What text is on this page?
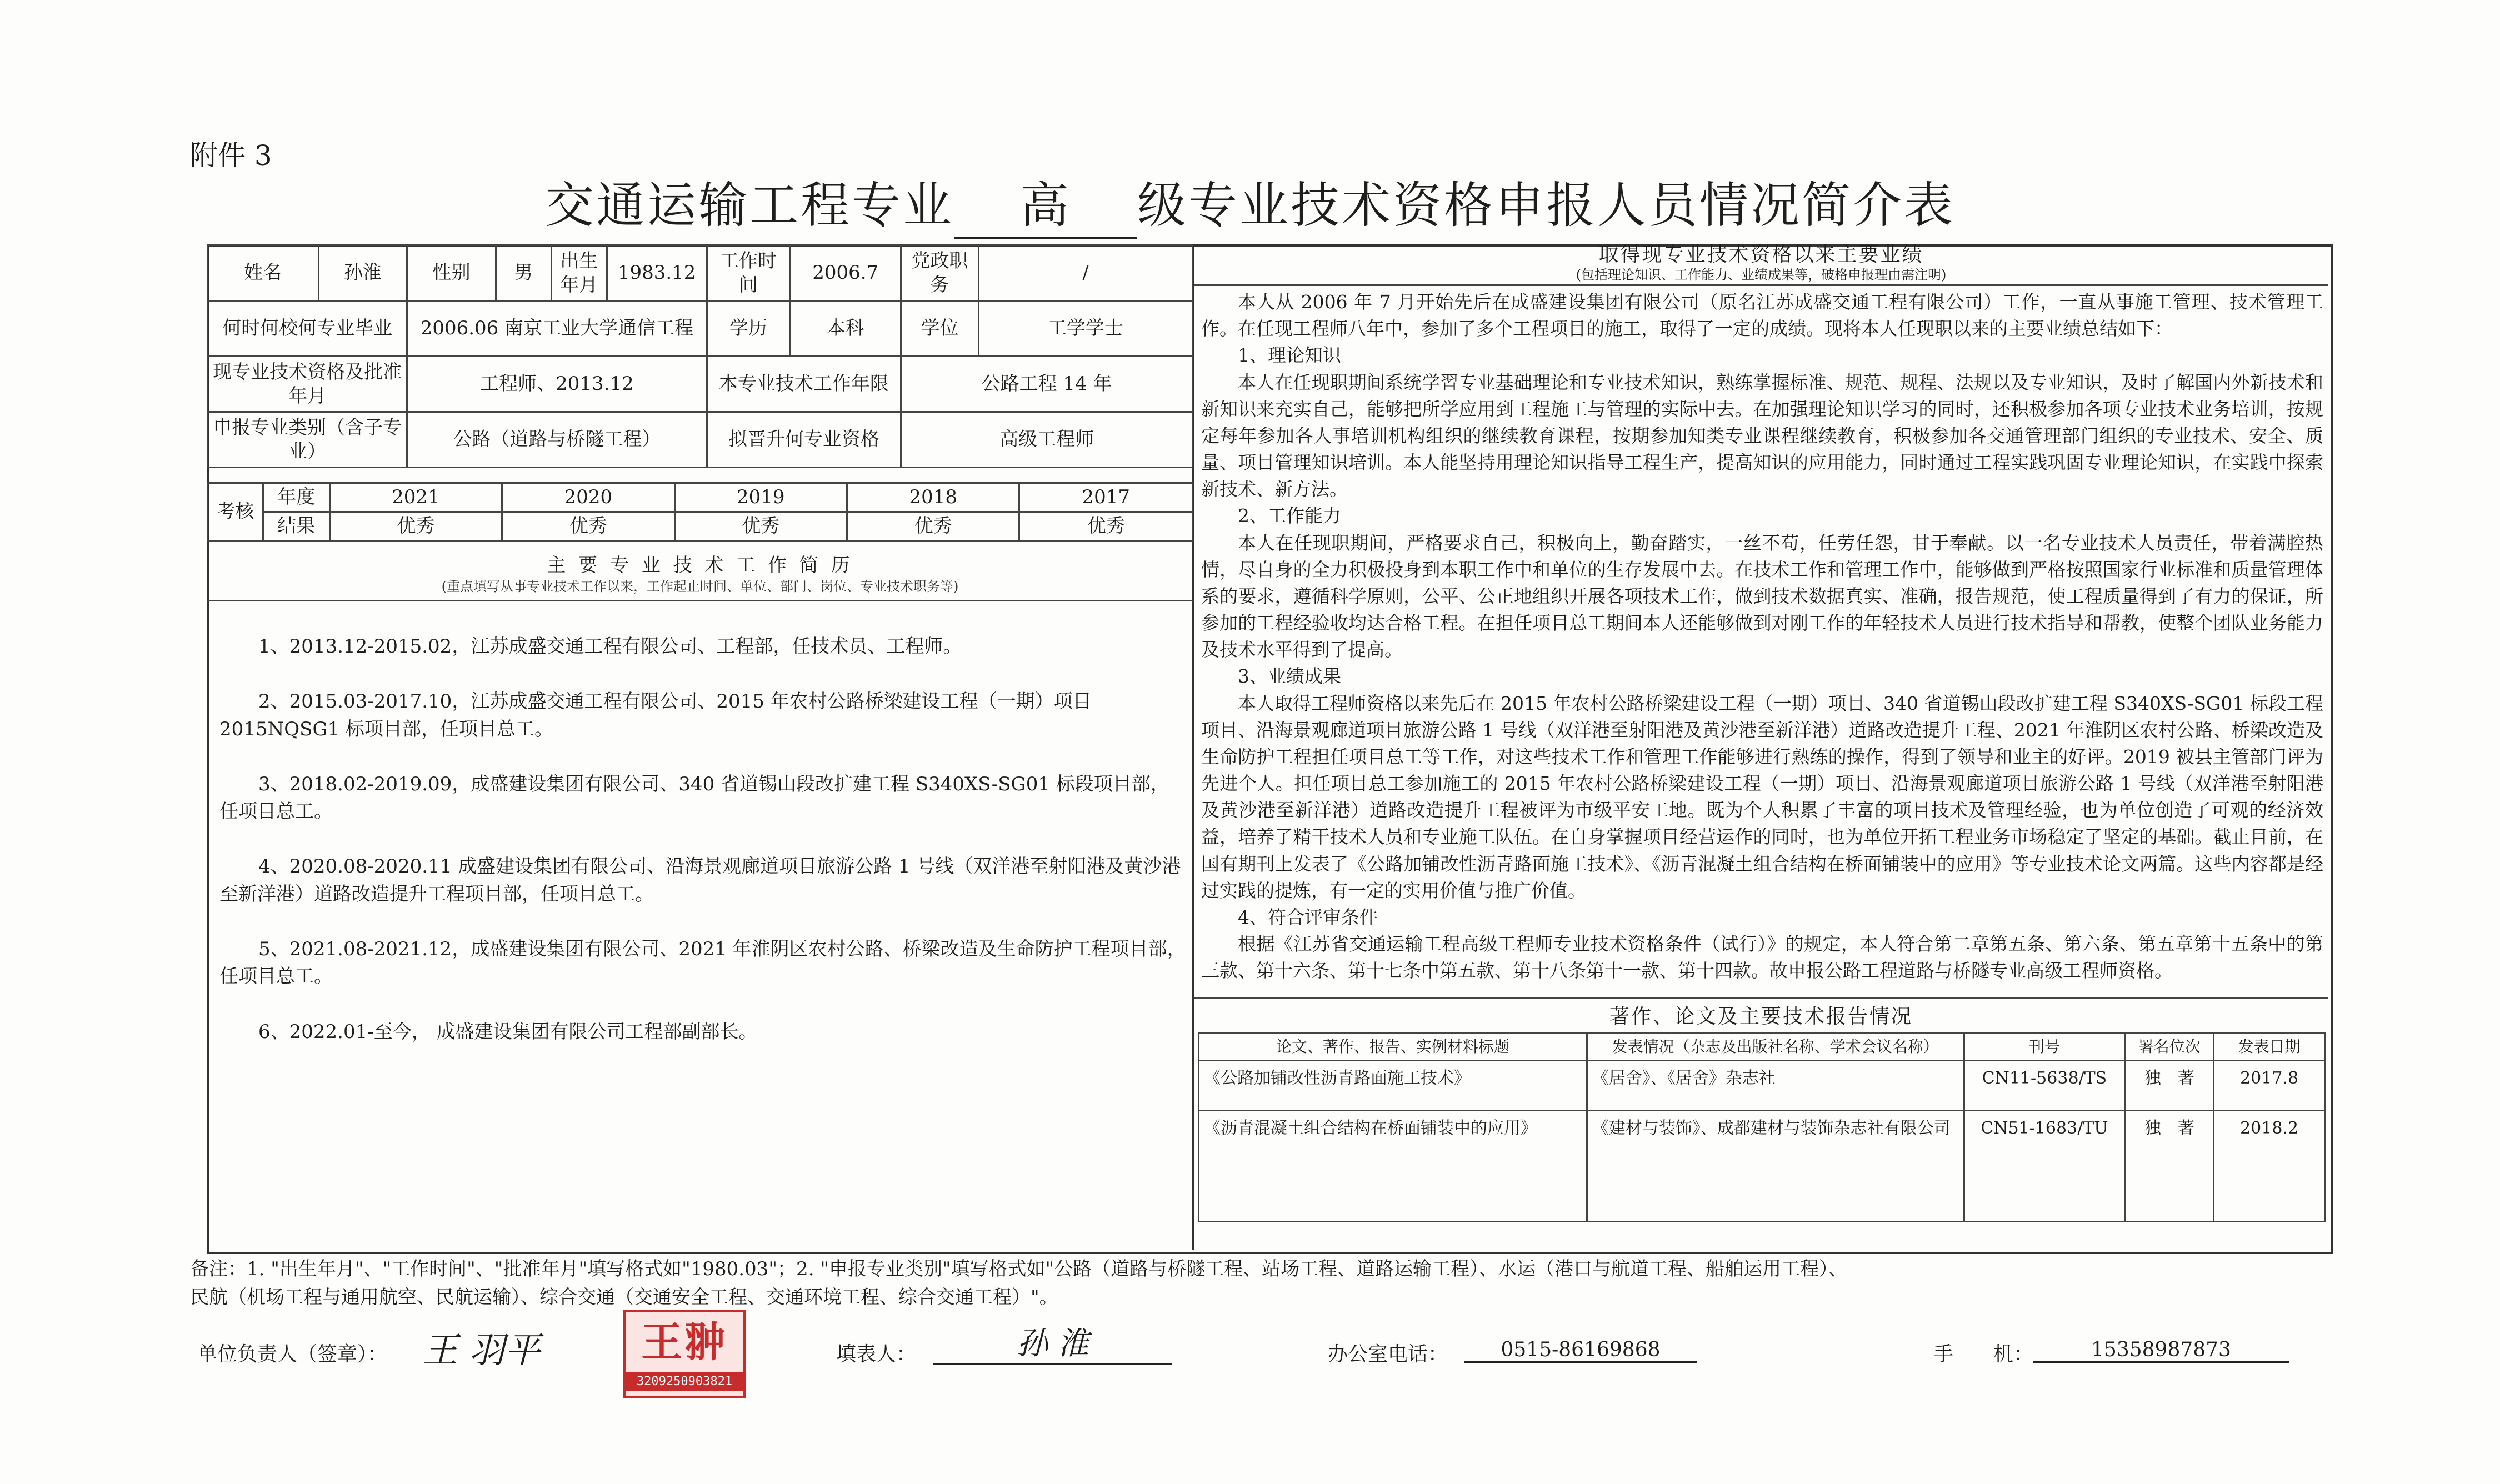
附件 3
交通运输工程专业 高 级专业技术资格申报人员情况简介表
姓名	孙淮	性别	男	出生年月	1983.12	工作时间	2006.7	党政职务	/
何时何校何专业毕业		2006.06 南京工业大学通信工程				学历	本科	学位	工学学士
现专业技术资格及批准年月		工程师、2013.12				本专业技术工作年限		公路工程 14 年	
申报专业类别（含子专业）		公路（道路与桥隧工程）				拟晋升何专业资格		高级工程师	
考核	年度	2021	2020	2019	2018	2017
	结果	优秀	优秀	优秀	优秀	优秀
主 要 专 业 技 术 工 作 简 历
(重点填写从事专业技术工作以来，工作起止时间、单位、部门、岗位、专业技术职务等)

1、2013.12-2015.02，江苏成盛交通工程有限公司、工程部，任技术员、工程师。

2、2015.03-2017.10，江苏成盛交通工程有限公司、2015 年农村公路桥梁建设工程（一期）项目 2015NQSG1 标项目部，任项目总工。

3、2018.02-2019.09，成盛建设集团有限公司、340 省道锡山段改扩建工程 S340XS-SG01 标段项目部，任项目总工。

4、2020.08-2020.11 成盛建设集团有限公司、沿海景观廊道项目旅游公路 1 号线（双洋港至射阳港及黄沙港至新洋港）道路改造提升工程项目部，任项目总工。

5、2021.08-2021.12，成盛建设集团有限公司、2021 年淮阴区农村公路、桥梁改造及生命防护工程项目部，任项目总工。

6、2022.01-至今， 成盛建设集团有限公司工程部副部长。

取得现专业技术资格以来主要业绩
(包括理论知识、工作能力、业绩成果等，破格申报理由需注明)

本人从 2006 年 7 月开始先后在成盛建设集团有限公司（原名江苏成盛交通工程有限公司）工作，一直从事施工管理、技术管理工作。在任现工程师八年中，参加了多个工程项目的施工，取得了一定的成绩。现将本人任现职以来的主要业绩总结如下：

1、理论知识

本人在任现职期间系统学習专业基础理论和专业技术知识，熟练掌握标准、规范、规程、法规以及专业知识，及时了解国内外新技术和新知识来充实自己，能够把所学应用到工程施工与管理的实际中去。在加强理论知识学习的同时，还积极参加各项专业技术业务培训，按规定每年参加各人事培训机构组织的继续教育课程，按期参加知类专业课程继续教育，积极参加各交通管理部门组织的专业技术、安全、质量、项目管理知识培训。本人能坚持用理论知识指导工程生产，提高知识的应用能力，同时通过工程实践巩固专业理论知识，在实践中探索新技术、新方法。

2、工作能力

本人在任现职期间，严格要求自己，积极向上，勤奋踏实，一丝不苟，任劳任怨，甘于奉献。以一名专业技术人员责任，带着满腔热情，尽自身的全力积极投身到本职工作中和单位的生存发展中去。在技术工作和管理工作中，能够做到严格按照国家行业标准和质量管理体系的要求，遵循科学原则，公平、公正地组织开展各项技术工作，做到技术数据真实、准确，报告规范，使工程质量得到了有力的保证，所参加的工程经验收均达合格工程。在担任项目总工期间本人还能够做到对刚工作的年轻技术人员进行技术指导和帮教，使整个团队业务能力及技术水平得到了提高。

3、业绩成果

本人取得工程师资格以来先后在 2015 年农村公路桥梁建设工程（一期）项目、340 省道锡山段改扩建工程 S340XS-SG01 标段工程项目、沿海景观廊道项目旅游公路 1 号线（双洋港至射阳港及黄沙港至新洋港）道路改造提升工程、2021 年淮阴区农村公路、桥梁改造及生命防护工程担任项目总工等工作，对这些技术工作和管理工作能够进行熟练的操作，得到了领导和业主的好评。2019 被县主管部门评为先进个人。担任项目总工参加施工的 2015 年农村公路桥梁建设工程（一期）项目、沿海景观廊道项目旅游公路 1 号线（双洋港至射阳港及黄沙港至新洋港）道路改造提升工程被评为市级平安工地。既为个人积累了丰富的项目技术及管理经验，也为单位创造了可观的经济效益，培养了精干技术人员和专业施工队伍。在自身掌握项目经营运作的同时，也为单位开拓工程业务市场稳定了坚定的基础。截止目前，在国有期刊上发表了《公路加铺改性沥青路面施工技术》、《沥青混凝土组合结构在桥面铺装中的应用》等专业技术论文两篇。这些内容都是经过实践的提炼，有一定的实用价值与推广价值。

4、符合评审条件

根据《江苏省交通运输工程高级工程师专业技术资格条件（试行）》的规定，本人符合第二章第五条、第六条、第五章第十五条中的第三款、第十六条、第十七条中第五款、第十八条第十一款、第十四款。故申报公路工程道路与桥隧专业高级工程师资格。

著作、论文及主要技术报告情况
论文、著作、报告、实例材料标题	发表情况（杂志及出版社名称、学术会议名称）	刊号	署名位次	发表日期
《公路加铺改性沥青路面施工技术》	《居舍》、《居舍》杂志社	CN11-5638/TS	独　著	2017.8
《沥青混凝土组合结构在桥面铺装中的应用》	《建材与装饰》、成都建材与装饰杂志社有限公司	CN51-1683/TU	独　著	2018.2
备注：1. "出生年月"、"工作时间"、"批准年月"填写格式如"1980.03"；2. "申报专业类别"填写格式如"公路（道路与桥隧工程、站场工程、道路运输工程）、水运（港口与航道工程、船舶运用工程）、
民航（机场工程与通用航空、民航运输）、综合交通（交通安全工程、交通环境工程、综合交通工程）"。
单位负责人（签章）： 王 羽平	王翀
3209250903821
填表人：	孙 淮	办公室电话：	0515-86169868	手　　机：	15358987873
